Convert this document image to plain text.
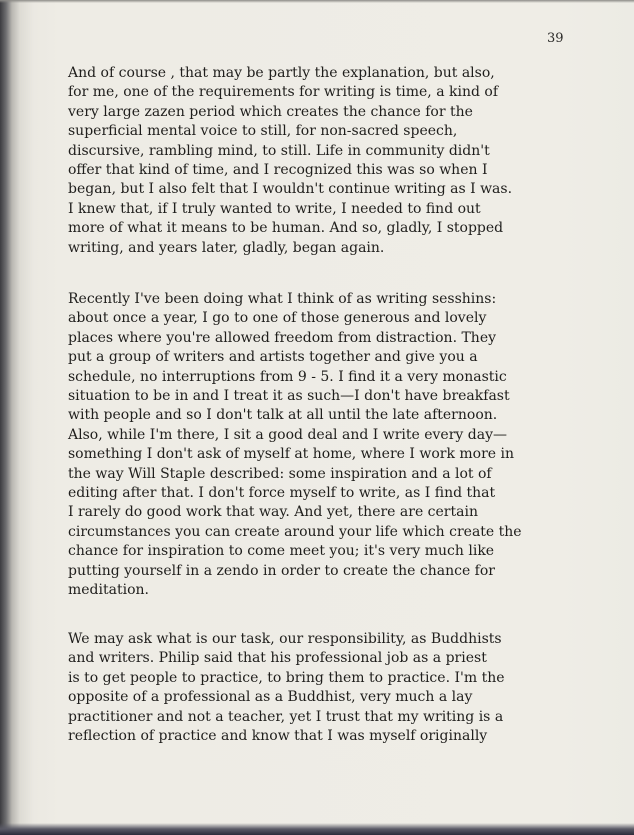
39
And of course , that may be partly the explanation, but also,
for me, one of the requirements for writing is time, a kind of
very large zazen period which creates the chance for the
superficial mental voice to still, for non-sacred speech,
discursive, rambling mind, to still. Life in community didn't
offer that kind of time, and I recognized this was so when I
began, but I also felt that I wouldn't continue writing as I was.
I knew that, if I truly wanted to write, I needed to find out
more of what it means to be human. And so, gladly, I stopped
writing, and years later, gladly, began again.
Recently I've been doing what I think of as writing sesshins:
about once a year, I go to one of those generous and lovely
places where you're allowed freedom from distraction. They
put a group of writers and artists together and give you a
schedule, no interruptions from 9 - 5. I find it a very monastic
situation to be in and I treat it as such—I don't have breakfast
with people and so I don't talk at all until the late afternoon.
Also, while I'm there, I sit a good deal and I write every day—
something I don't ask of myself at home, where I work more in
the way Will Staple described: some inspiration and a lot of
editing after that. I don't force myself to write, as I find that
I rarely do good work that way. And yet, there are certain
circumstances you can create around your life which create the
chance for inspiration to come meet you; it's very much like
putting yourself in a zendo in order to create the chance for
meditation.
We may ask what is our task, our responsibility, as Buddhists
and writers. Philip said that his professional job as a priest
is to get people to practice, to bring them to practice. I'm the
opposite of a professional as a Buddhist, very much a lay
practitioner and not a teacher, yet I trust that my writing is a
reflection of practice and know that I was myself originally
